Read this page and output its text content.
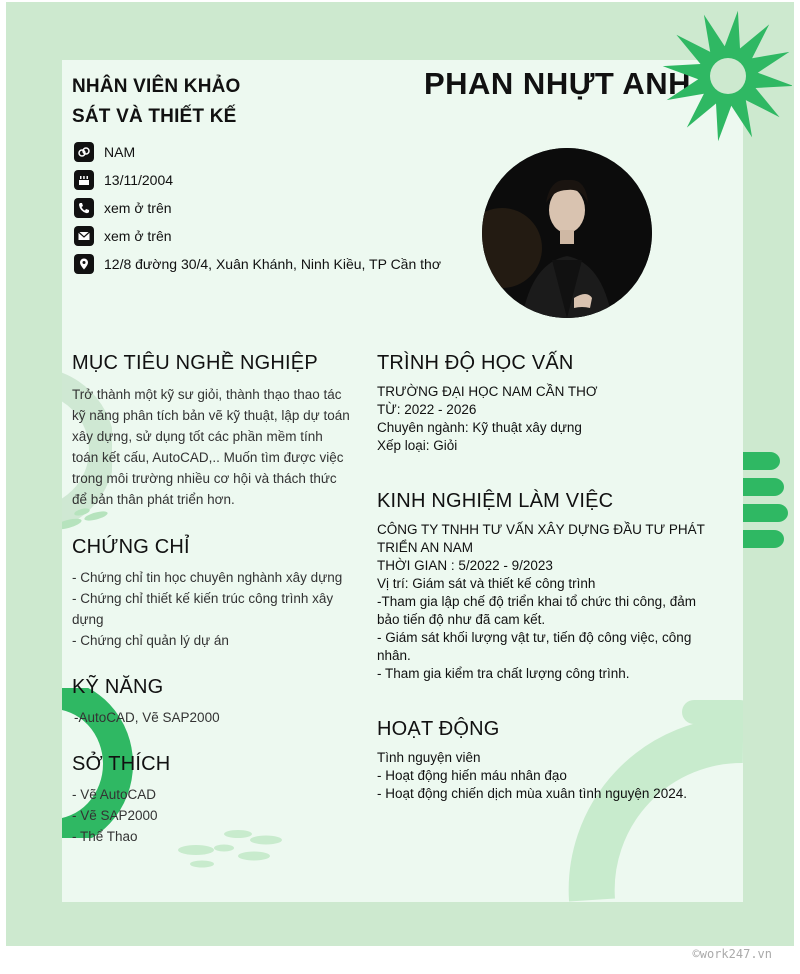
NHÂN VIÊN KHẢO
SÁT VÀ THIẾT KẾ
PHAN NHỰT ANH
NAM
13/11/2004
xem ở trên
xem ở trên
12/8 đường 30/4, Xuân Khánh, Ninh Kiều, TP Cần thơ
MỤC TIÊU NGHỀ NGHIỆP
Trở thành một kỹ sư giỏi, thành thạo thao tác
kỹ năng phân tích bản vẽ kỹ thuật, lập dự toán
xây dựng, sử dụng tốt các phần mềm tính
toán kết cấu, AutoCAD,.. Muốn tìm được việc
trong môi trường nhiều cơ hội và thách thức
để bản thân phát triển hơn.
CHỨNG CHỈ
- Chứng chỉ tin học chuyên nghành xây dựng
- Chứng chỉ thiết kế kiến trúc công trình xây
dựng
- Chứng chỉ quản lý dự án
KỸ NĂNG
-AutoCAD, Vẽ SAP2000
SỞ THÍCH
- Vẽ AutoCAD
- Vẽ SAP2000
- Thể Thao
TRÌNH ĐỘ HỌC VẤN
TRƯỜNG ĐẠI HỌC NAM CẦN THƠ
TỪ: 2022 - 2026
Chuyên ngành: Kỹ thuật xây dựng
Xếp loại: Giỏi
KINH NGHIỆM LÀM VIỆC
CÔNG TY TNHH TƯ VẤN XÂY DỰNG ĐẦU TƯ PHÁT
TRIỂN AN NAM
THỜI GIAN : 5/2022 - 9/2023
Vị trí: Giám sát và thiết kế công trình
-Tham gia lập chế độ triển khai tổ chức thi công, đảm
bảo tiến độ như đã cam kết.
- Giám sát khối lượng vật tư, tiến độ công việc, công
nhân.
- Tham gia kiểm tra chất lượng công trình.
HOẠT ĐỘNG
Tình nguyện viên
- Hoạt động hiến máu nhân đạo
- Hoạt động chiến dịch mùa xuân tình nguyện 2024.
©work247.vn
